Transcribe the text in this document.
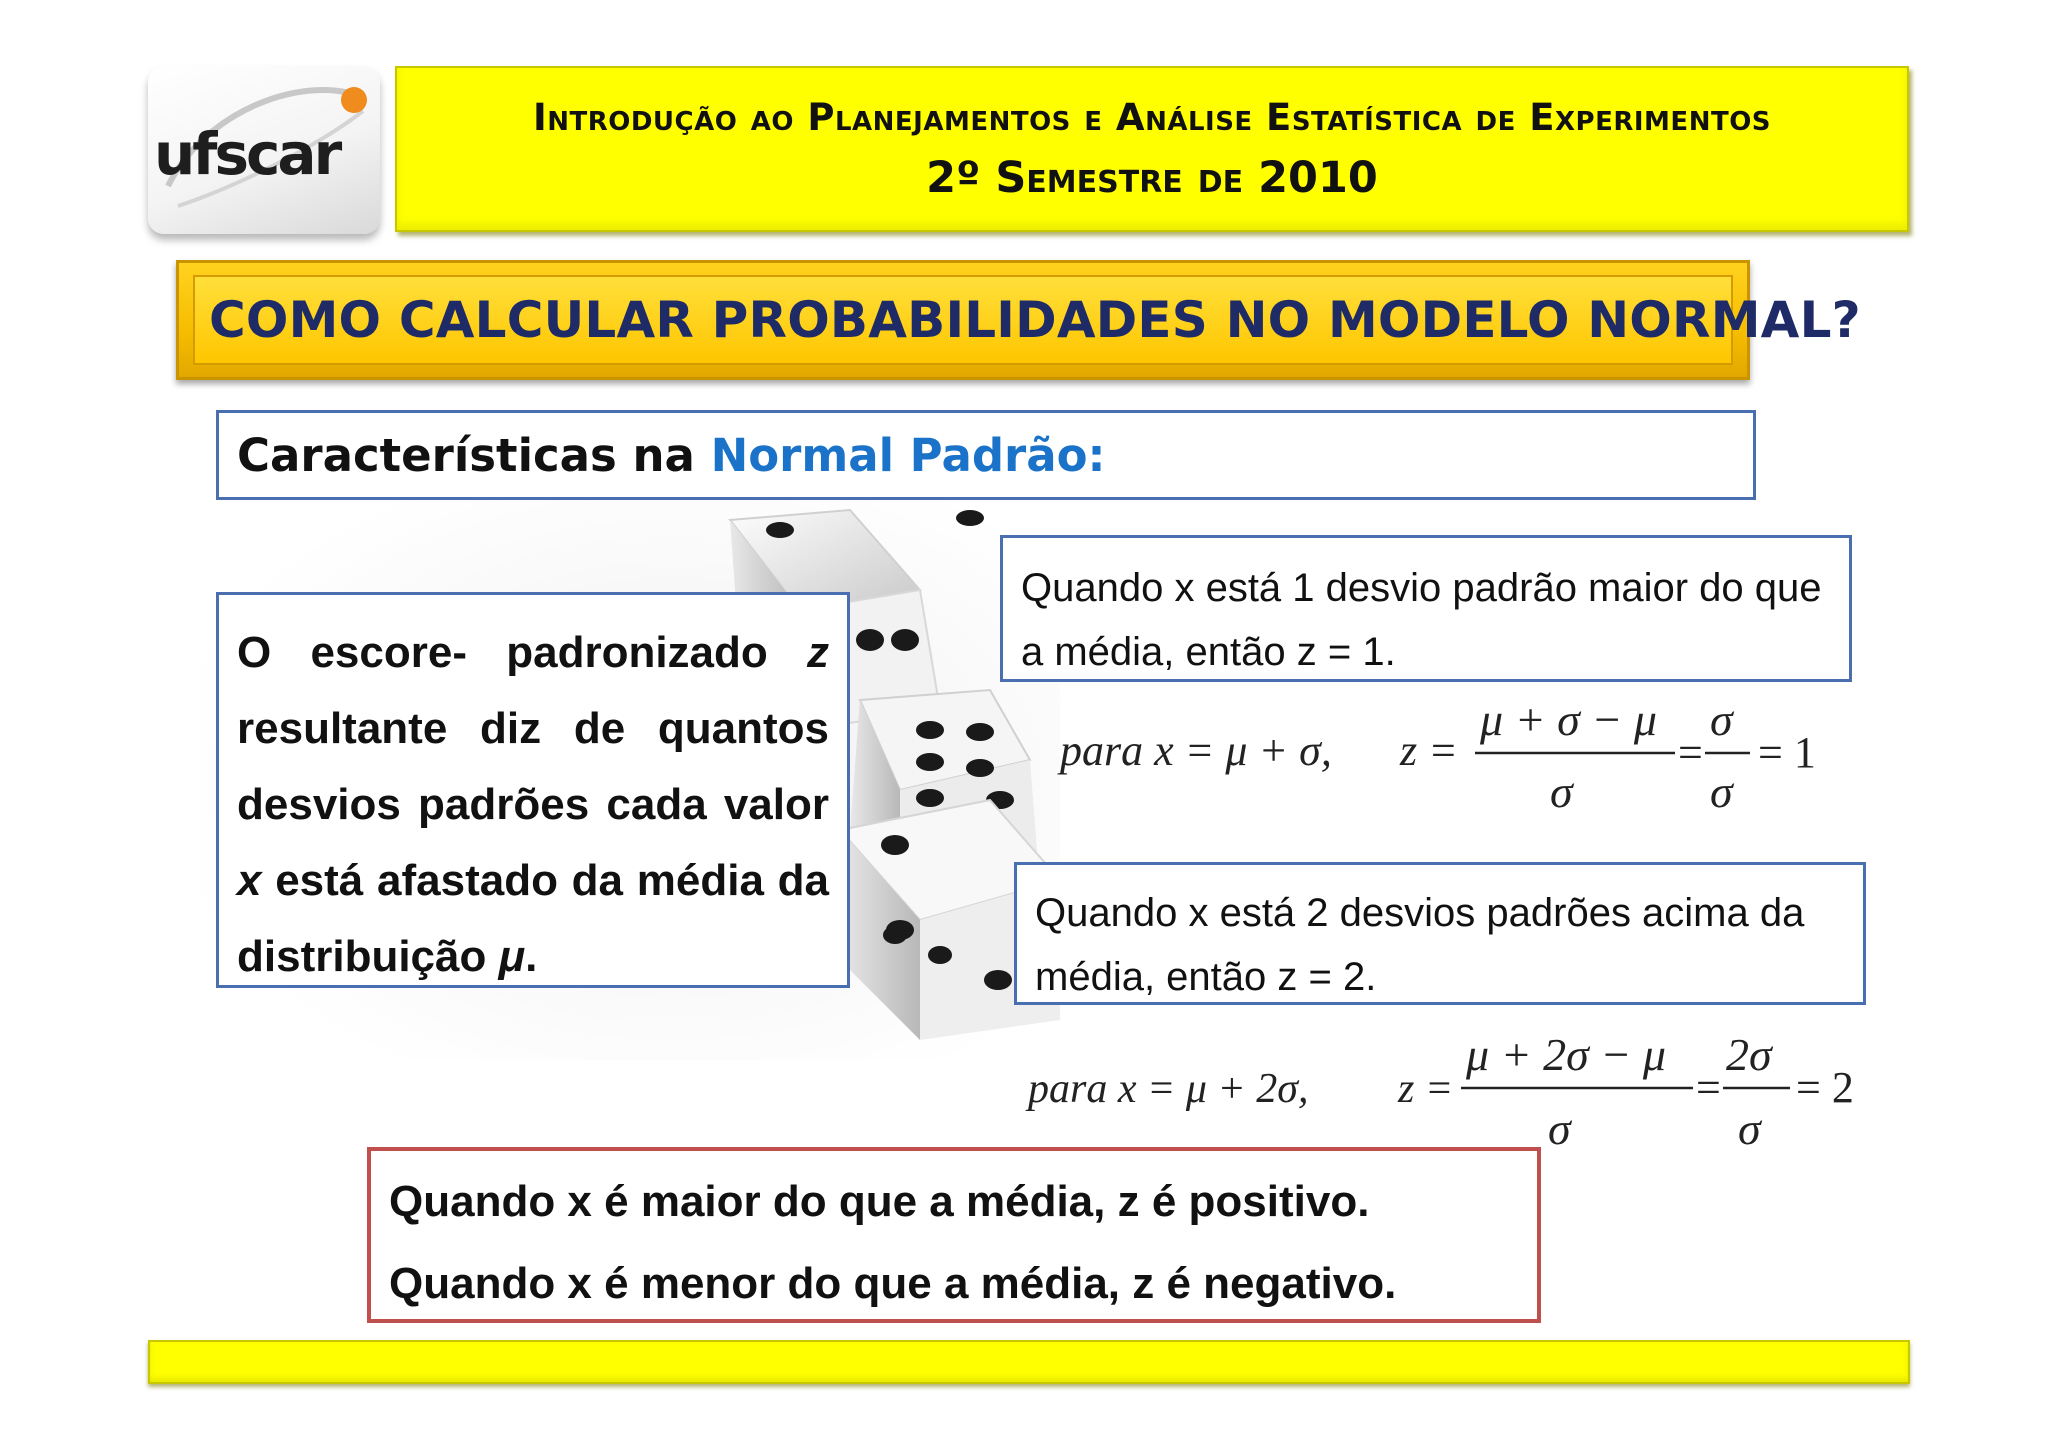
ufscar
Introdução ao Planejamentos e Análise Estatística de Experimentos
2º Semestre de 2010
COMO CALCULAR PROBABILIDADES NO MODELO NORMAL?
Características na Normal Padrão:
O escore- padronizado z resultante diz de quantos desvios padrões cada valor x está afastado da média da distribuição μ.
Quando x está 1 desvio padrão maior do que a média, então z = 1.
para x = μ + σ, z =
μ + σ − μ
σ
=
σ
σ
= 1
Quando x está 2 desvios padrões acima da média, então z = 2.
para x = μ + 2σ, z =
μ + 2σ − μ
σ
=
2σ
σ
= 2
Quando x é maior do que a média, z é positivo.
Quando x é menor do que a média, z é negativo.
